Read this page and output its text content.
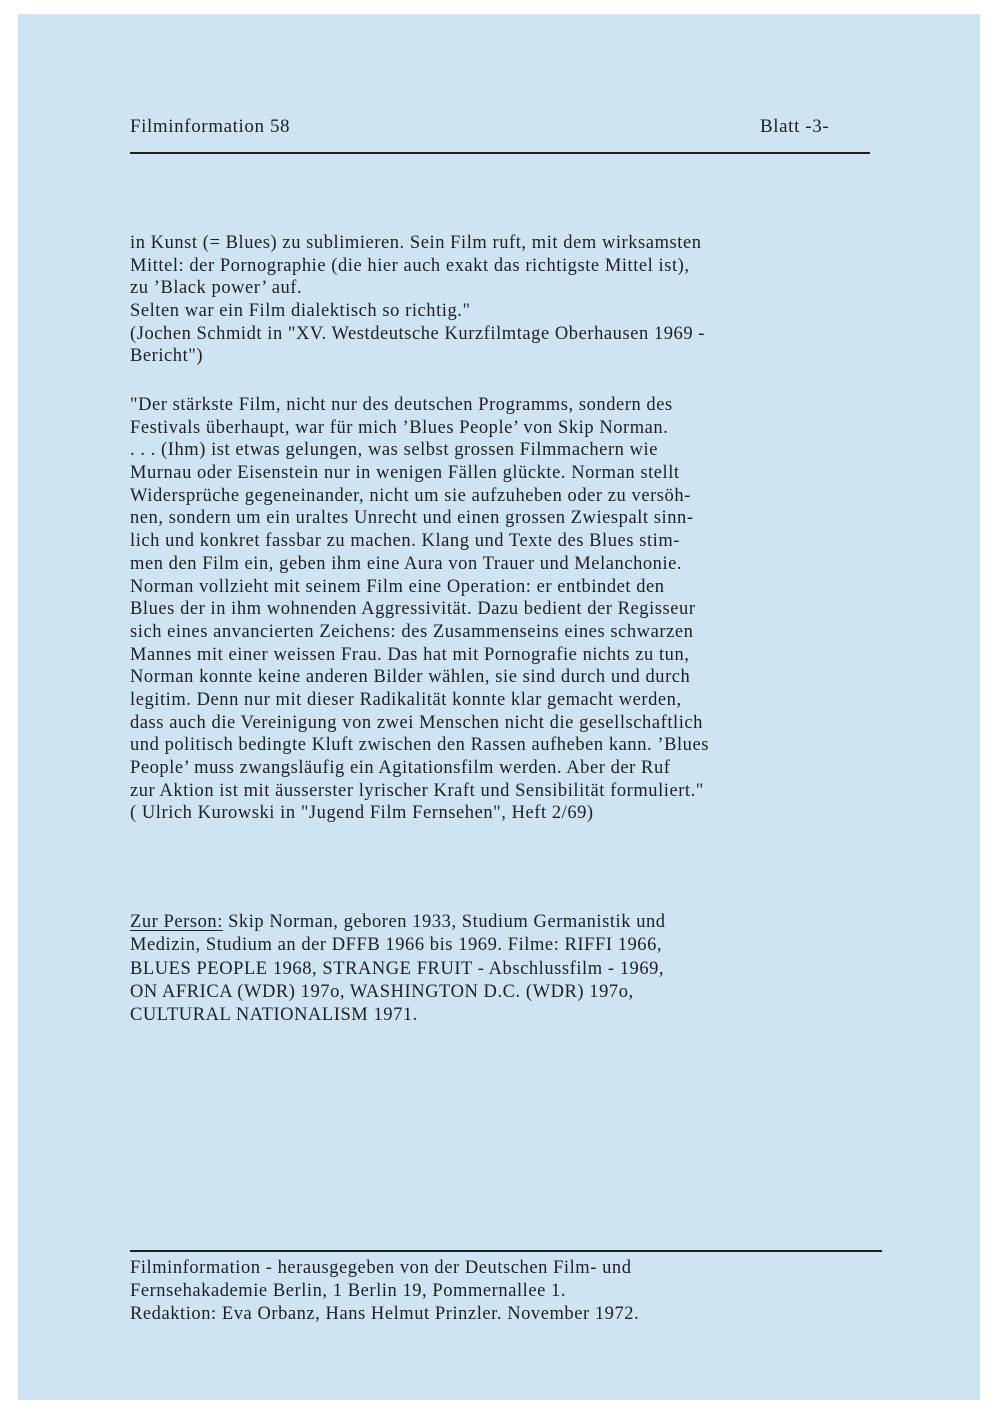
Filminformation 58	Blatt -3-

in Kunst (= Blues) zu sublimieren. Sein Film ruft, mit dem wirksamsten
Mittel: der Pornographie (die hier auch exakt das richtigste Mittel ist),
zu ’Black power’ auf.
Selten war ein Film dialektisch so richtig."
(Jochen Schmidt in "XV. Westdeutsche Kurzfilmtage Oberhausen 1969 -
Bericht")
"Der stärkste Film, nicht nur des deutschen Programms, sondern des
Festivals überhaupt, war für mich ’Blues People’ von Skip Norman.
. . . (Ihm) ist etwas gelungen, was selbst grossen Filmmachern wie
Murnau oder Eisenstein nur in wenigen Fällen glückte. Norman stellt
Widersprüche gegeneinander, nicht um sie aufzuheben oder zu versöh-
nen, sondern um ein uraltes Unrecht und einen grossen Zwiespalt sinn-
lich und konkret fassbar zu machen. Klang und Texte des Blues stim-
men den Film ein, geben ihm eine Aura von Trauer und Melanchonie.
Norman vollzieht mit seinem Film eine Operation: er entbindet den
Blues der in ihm wohnenden Aggressivität. Dazu bedient der Regisseur
sich eines anvancierten Zeichens: des Zusammenseins eines schwarzen
Mannes mit einer weissen Frau. Das hat mit Pornografie nichts zu tun,
Norman konnte keine anderen Bilder wählen, sie sind durch und durch
legitim. Denn nur mit dieser Radikalität konnte klar gemacht werden,
dass auch die Vereinigung von zwei Menschen nicht die gesellschaftlich
und politisch bedingte Kluft zwischen den Rassen aufheben kann. ’Blues
People’ muss zwangsläufig ein Agitationsfilm werden. Aber der Ruf
zur Aktion ist mit äusserster lyrischer Kraft und Sensibilität formuliert."
( Ulrich Kurowski in "Jugend Film Fernsehen", Heft 2/69)
Zur Person: Skip Norman, geboren 1933, Studium Germanistik und
Medizin, Studium an der DFFB 1966 bis 1969. Filme: RIFFI 1966,
BLUES PEOPLE 1968, STRANGE FRUIT - Abschlussfilm - 1969,
ON AFRICA (WDR) 197o, WASHINGTON D.C. (WDR) 197o,
CULTURAL NATIONALISM 1971.
Filminformation - herausgegeben von der Deutschen Film- und
Fernsehakademie Berlin, 1 Berlin 19, Pommernallee 1.
Redaktion: Eva Orbanz, Hans Helmut Prinzler. November 1972.
